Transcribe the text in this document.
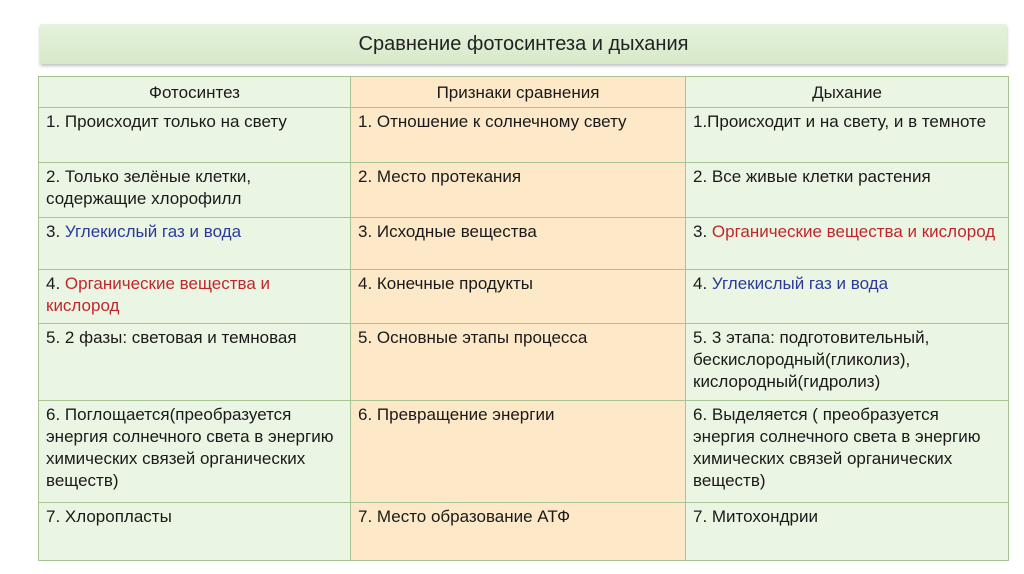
Сравнение фотосинтеза и дыхания
Фотосинтез	Признаки сравнения	Дыхание
1. Происходит только на свету	1. Отношение к солнечному свету	1.Происходит и на свету, и в темноте
2. Только зелёные клетки, содержащие хлорофилл	2. Место протекания	2. Все живые клетки растения
3. Углекислый газ и вода	3. Исходные вещества	3. Органические вещества и кислород
4. Органические вещества и кислород	4. Конечные продукты	4. Углекислый газ и вода
5. 2 фазы: световая и темновая	5. Основные этапы процесса	5. 3 этапа: подготовительный, бескислородный(гликолиз), кислородный(гидролиз)
6. Поглощается(преобразуется энергия солнечного света в энергию химических связей органических веществ)	6. Превращение энергии	6. Выделяется ( преобразуется энергия солнечного света в энергию химических связей органических веществ)
7. Хлоропласты	7. Место образование АТФ	7. Митохондрии
